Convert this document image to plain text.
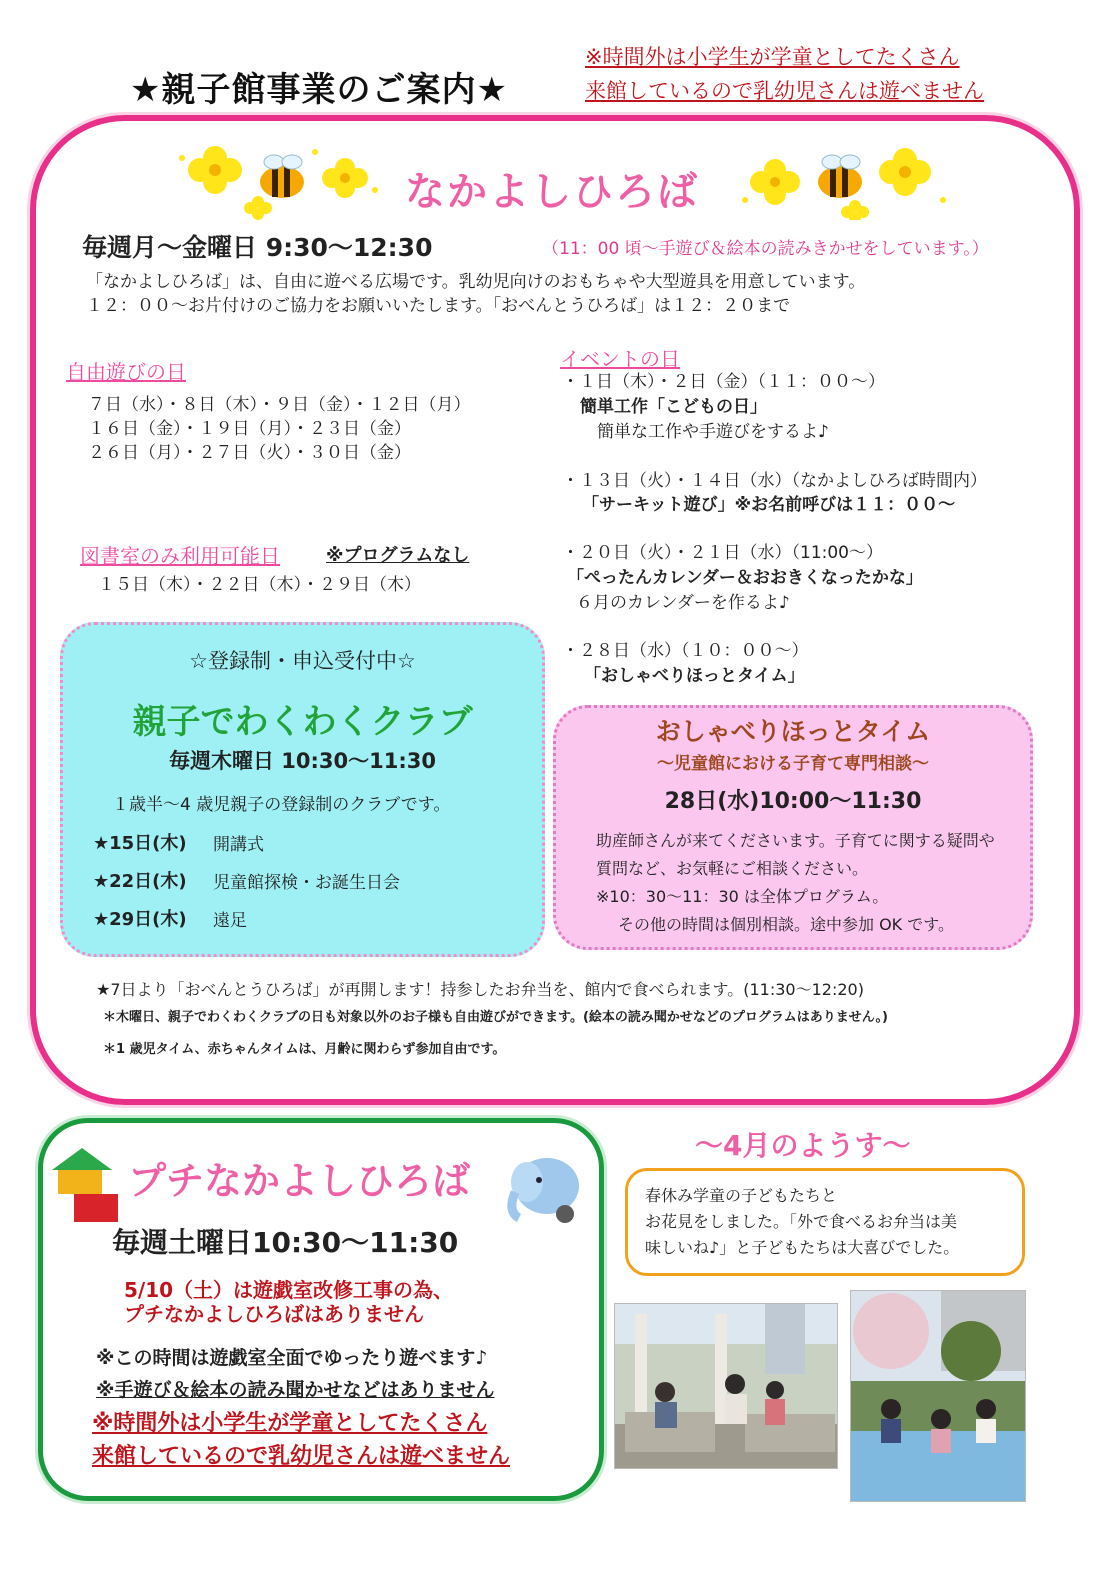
★親子館事業のご案内★
※時間外は小学生が学童としてたくさん
来館しているので乳幼児さんは遊べません
なかよしひろば
毎週月～金曜日 9:30～12:30	（11：00 頃～手遊び＆絵本の読みきかせをしています。）
「なかよしひろば」は、自由に遊べる広場です。乳幼児向けのおもちゃや大型遊具を用意しています。
１２：００～お片付けのご協力をお願いいたします。「おべんとうひろば」は１２：２０まで
自由遊びの日
７日（水）・８日（木）・９日（金）・１２日（月）
１６日（金）・１９日（月）・２３日（金）
２６日（月）・２７日（火）・３０日（金）
図書室のみ利用可能日	※プログラムなし
１５日（木）・２２日（木）・２９日（木）
イベントの日
・１日（木）・２日（金）（１１：００～）
簡単工作「こどもの日」
簡単な工作や手遊びをするよ♪
・１３日（火）・１４日（水）（なかよしひろば時間内）
「サーキット遊び」※お名前呼びは１１：００～
・２０日（火）・２１日（水）（11:00～）
「ぺったんカレンダー＆おおきくなったかな」
６月のカレンダーを作るよ♪
・２８日（水）（１０：００～）
「おしゃべりほっとタイム」
☆登録制・申込受付中☆
親子でわくわくクラブ
毎週木曜日 10:30～11:30
１歳半～4 歳児親子の登録制のクラブです。
★15日(木) 開講式
★22日(木) 児童館探検・お誕生日会
★29日(木) 遠足
おしゃべりほっとタイム
～児童館における子育て専門相談～
28日(水)10:00～11:30
助産師さんが来てくださいます。子育てに関する疑問や
質問など、お気軽にご相談ください。
※10：30～11：30 は全体プログラム。
その他の時間は個別相談。途中参加 OK です。
★7日より「おべんとうひろば」が再開します！持参したお弁当を、館内で食べられます。(11:30～12:20)
＊木曜日、親子でわくわくクラブの日も対象以外のお子様も自由遊びができます。(絵本の読み聞かせなどのプログラムはありません。)
＊1 歳児タイム、赤ちゃんタイムは、月齢に関わらず参加自由です。
プチなかよしひろば
毎週土曜日10:30～11:30
5/10（土）は遊戯室改修工事の為、
プチなかよしひろばはありません
※この時間は遊戯室全面でゆったり遊べます♪
※手遊び＆絵本の読み聞かせなどはありません
※時間外は小学生が学童としてたくさん
来館しているので乳幼児さんは遊べません
～4月のようす～
春休み学童の子どもたちと
お花見をしました。「外で食べるお弁当は美
味しいね♪」と子どもたちは大喜びでした。
